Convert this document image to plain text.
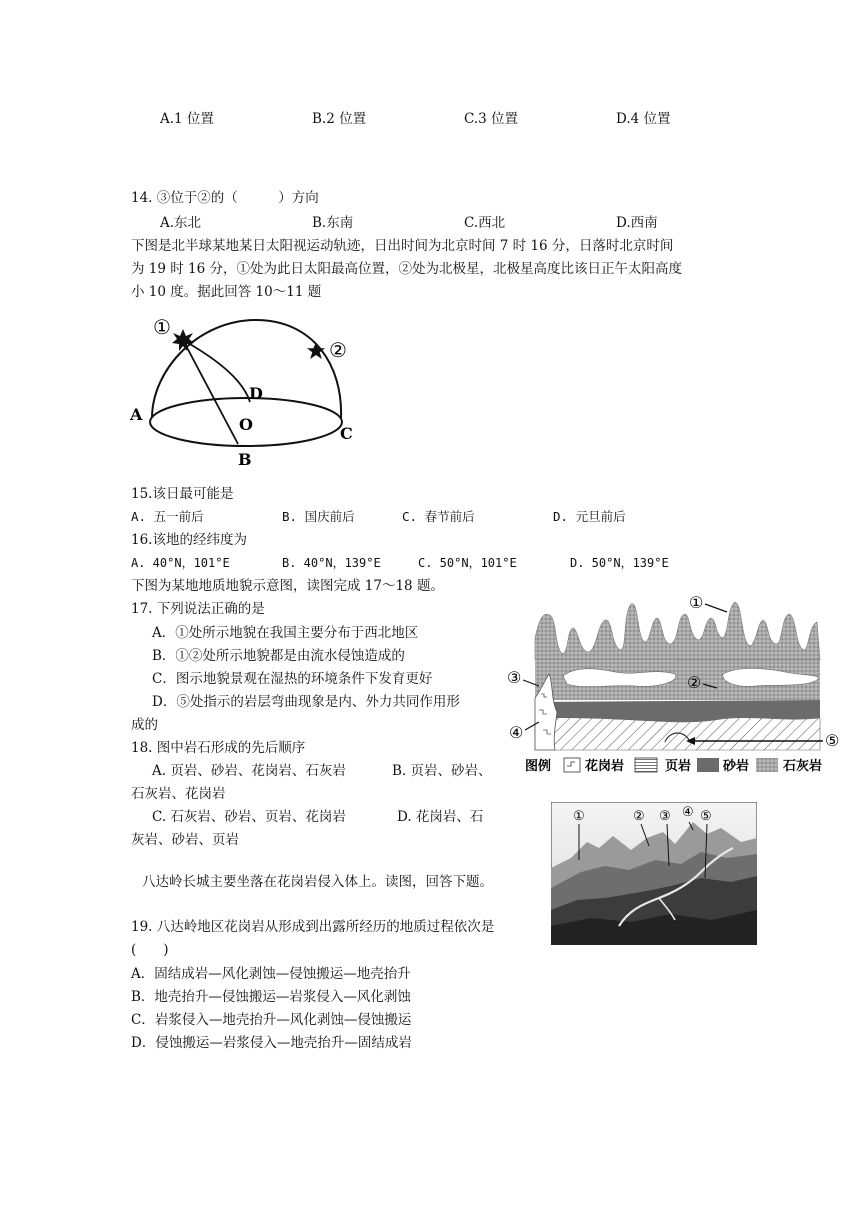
A.1 位置	B.2 位置	C.3 位置	D.4 位置
14. ③位于②的（　　　）方向
A.东北	B.东南	C.西北	D.西南
下图是北半球某地某日太阳视运动轨迹，日出时间为北京时间 7 时 16 分，日落时北京时间
为 19 时 16 分，①处为此日太阳最高位置，②处为北极星，北极星高度比该日正午太阳高度
小 10 度。据此回答 10～11 题
①
②
A
B
C
D
O
15.该日最可能是
A. 五一前后	B. 国庆前后	C. 春节前后	D. 元旦前后
16.该地的经纬度为
A. 40°N，101°E	B. 40°N，139°E	C. 50°N，101°E	D. 50°N，139°E
下图为某地地质地貌示意图，读图完成 17～18 题。
17. 下列说法正确的是
A．①处所示地貌在我国主要分布于西北地区
B．①②处所示地貌都是由流水侵蚀造成的
C．图示地貌景观在湿热的环境条件下发育更好
D．⑤处指示的岩层弯曲现象是内、外力共同作用形
成的
18. 图中岩石形成的先后顺序
A. 页岩、砂岩、花岗岩、石灰岩	B. 页岩、砂岩、
石灰岩、花岗岩
C. 石灰岩、砂岩、页岩、花岗岩	D. 花岗岩、石
灰岩、砂岩、页岩
①
②
③
④	⑤
图例	花岗岩	页岩 砂岩	石灰岩
①	② ③ ④ ⑤
八达岭长城主要坐落在花岗岩侵入体上。读图，回答下题。
19. 八达岭地区花岗岩从形成到出露所经历的地质过程依次是
(　　)
A．固结成岩—风化剥蚀—侵蚀搬运—地壳抬升
B．地壳抬升—侵蚀搬运—岩浆侵入—风化剥蚀
C．岩浆侵入—地壳抬升—风化剥蚀—侵蚀搬运
D．侵蚀搬运—岩浆侵入—地壳抬升—固结成岩
